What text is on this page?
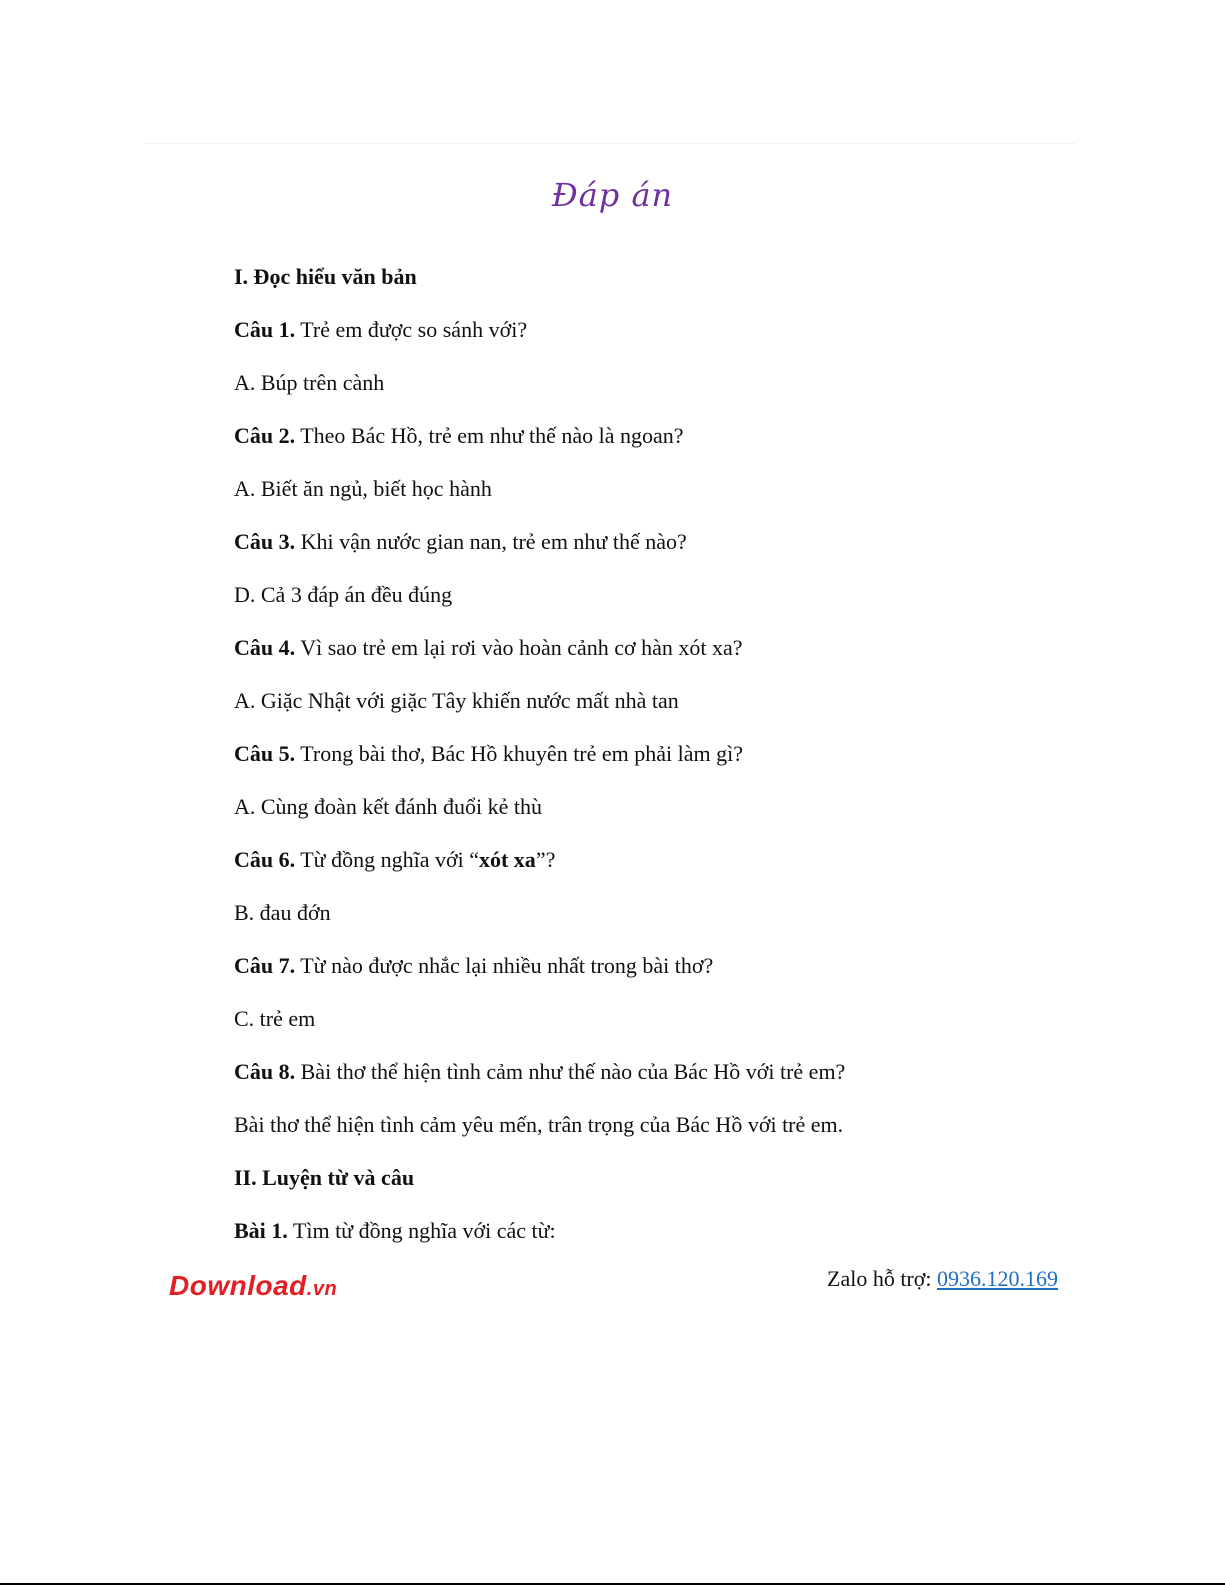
Đáp án
I. Đọc hiểu văn bản
Câu 1. Trẻ em được so sánh với?
A. Búp trên cành
Câu 2. Theo Bác Hồ, trẻ em như thế nào là ngoan?
A. Biết ăn ngủ, biết học hành
Câu 3. Khi vận nước gian nan, trẻ em như thế nào?
D. Cả 3 đáp án đều đúng
Câu 4. Vì sao trẻ em lại rơi vào hoàn cảnh cơ hàn xót xa?
A. Giặc Nhật với giặc Tây khiến nước mất nhà tan
Câu 5. Trong bài thơ, Bác Hồ khuyên trẻ em phải làm gì?
A. Cùng đoàn kết đánh đuổi kẻ thù
Câu 6. Từ đồng nghĩa với “xót xa”?
B. đau đớn
Câu 7. Từ nào được nhắc lại nhiều nhất trong bài thơ?
C. trẻ em
Câu 8. Bài thơ thể hiện tình cảm như thế nào của Bác Hồ với trẻ em?
Bài thơ thể hiện tình cảm yêu mến, trân trọng của Bác Hồ với trẻ em.
II. Luyện từ và câu
Bài 1. Tìm từ đồng nghĩa với các từ:
Download.vn	Zalo hỗ trợ: 0936.120.169
